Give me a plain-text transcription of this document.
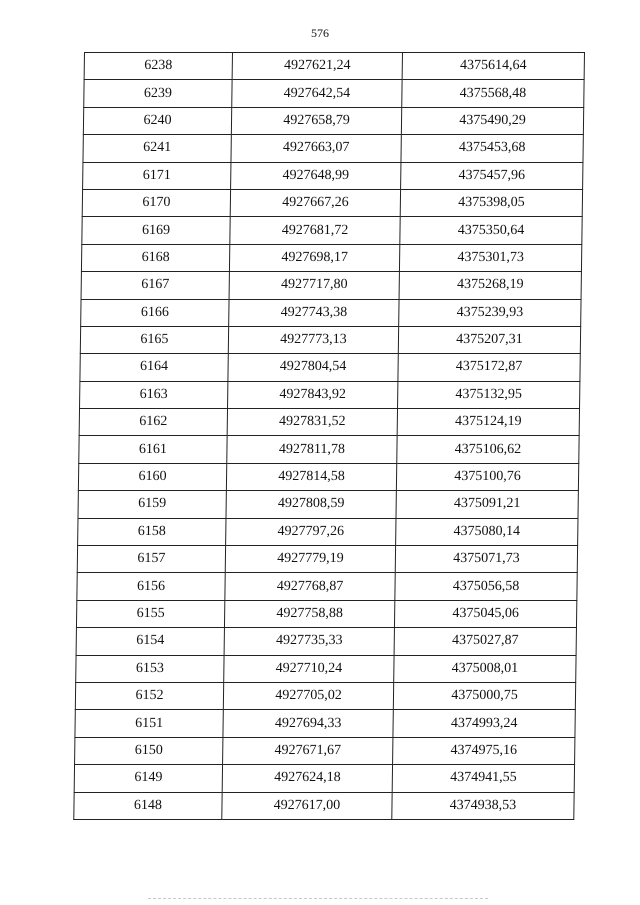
576
6238	4927621,24	4375614,64
6239	4927642,54	4375568,48
6240	4927658,79	4375490,29
6241	4927663,07	4375453,68
6171	4927648,99	4375457,96
6170	4927667,26	4375398,05
6169	4927681,72	4375350,64
6168	4927698,17	4375301,73
6167	4927717,80	4375268,19
6166	4927743,38	4375239,93
6165	4927773,13	4375207,31
6164	4927804,54	4375172,87
6163	4927843,92	4375132,95
6162	4927831,52	4375124,19
6161	4927811,78	4375106,62
6160	4927814,58	4375100,76
6159	4927808,59	4375091,21
6158	4927797,26	4375080,14
6157	4927779,19	4375071,73
6156	4927768,87	4375056,58
6155	4927758,88	4375045,06
6154	4927735,33	4375027,87
6153	4927710,24	4375008,01
6152	4927705,02	4375000,75
6151	4927694,33	4374993,24
6150	4927671,67	4374975,16
6149	4927624,18	4374941,55
6148	4927617,00	4374938,53
